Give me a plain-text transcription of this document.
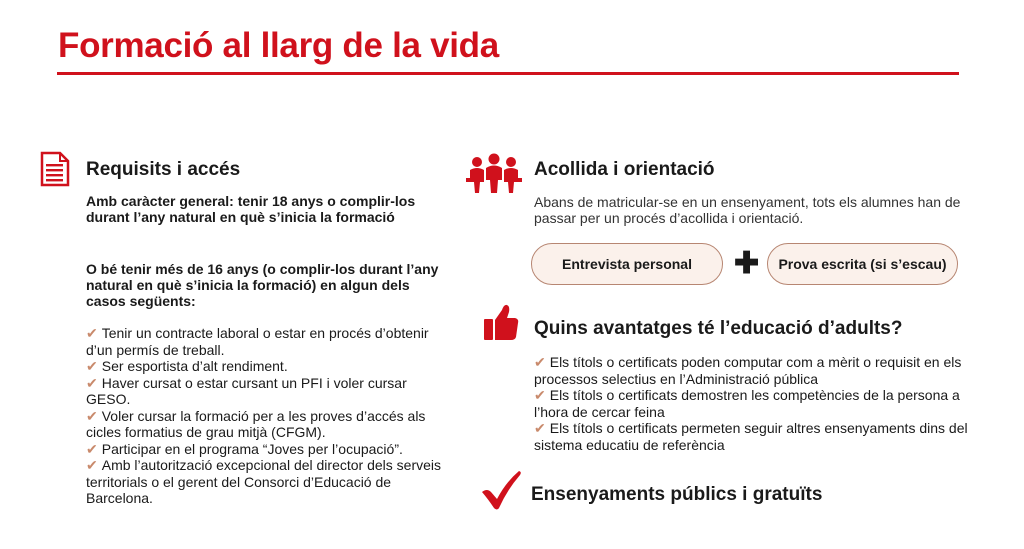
Formació al llarg de la vida
Requisits i accés
Amb caràcter general: tenir 18 anys o complir-los durant l’any natural en què s’inicia la formació
O bé tenir més de 16 anys (o complir-los durant l’any natural en què s’inicia la formació) en algun dels casos següents:
✔ Tenir un contracte laboral o estar en procés d’obtenir d’un permís de treball.
✔ Ser esportista d’alt rendiment.
✔ Haver cursat o estar cursant un PFI i voler cursar GESO.
✔ Voler cursar la formació per a les proves d’accés als cicles formatius de grau mitjà (CFGM).
✔ Participar en el programa “Joves per l’ocupació”.
✔ Amb l’autorització excepcional del director dels serveis territorials o el gerent del Consorci d’Educació de Barcelona.
Acollida i orientació
Abans de matricular-se en un ensenyament, tots els alumnes han de passar per un procés d’acollida i orientació.
Entrevista personal	✚	Prova escrita (si s’escau)
Quins avantatges té l’educació d’adults?
✔ Els títols o certificats poden computar com a mèrit o requisit en els processos selectius en l’Administració pública
✔ Els títols o certificats demostren les competències de la persona a l’hora de cercar feina
✔ Els títols o certificats permeten seguir altres ensenyaments dins del sistema educatiu de referència
Ensenyaments públics i gratuïts
